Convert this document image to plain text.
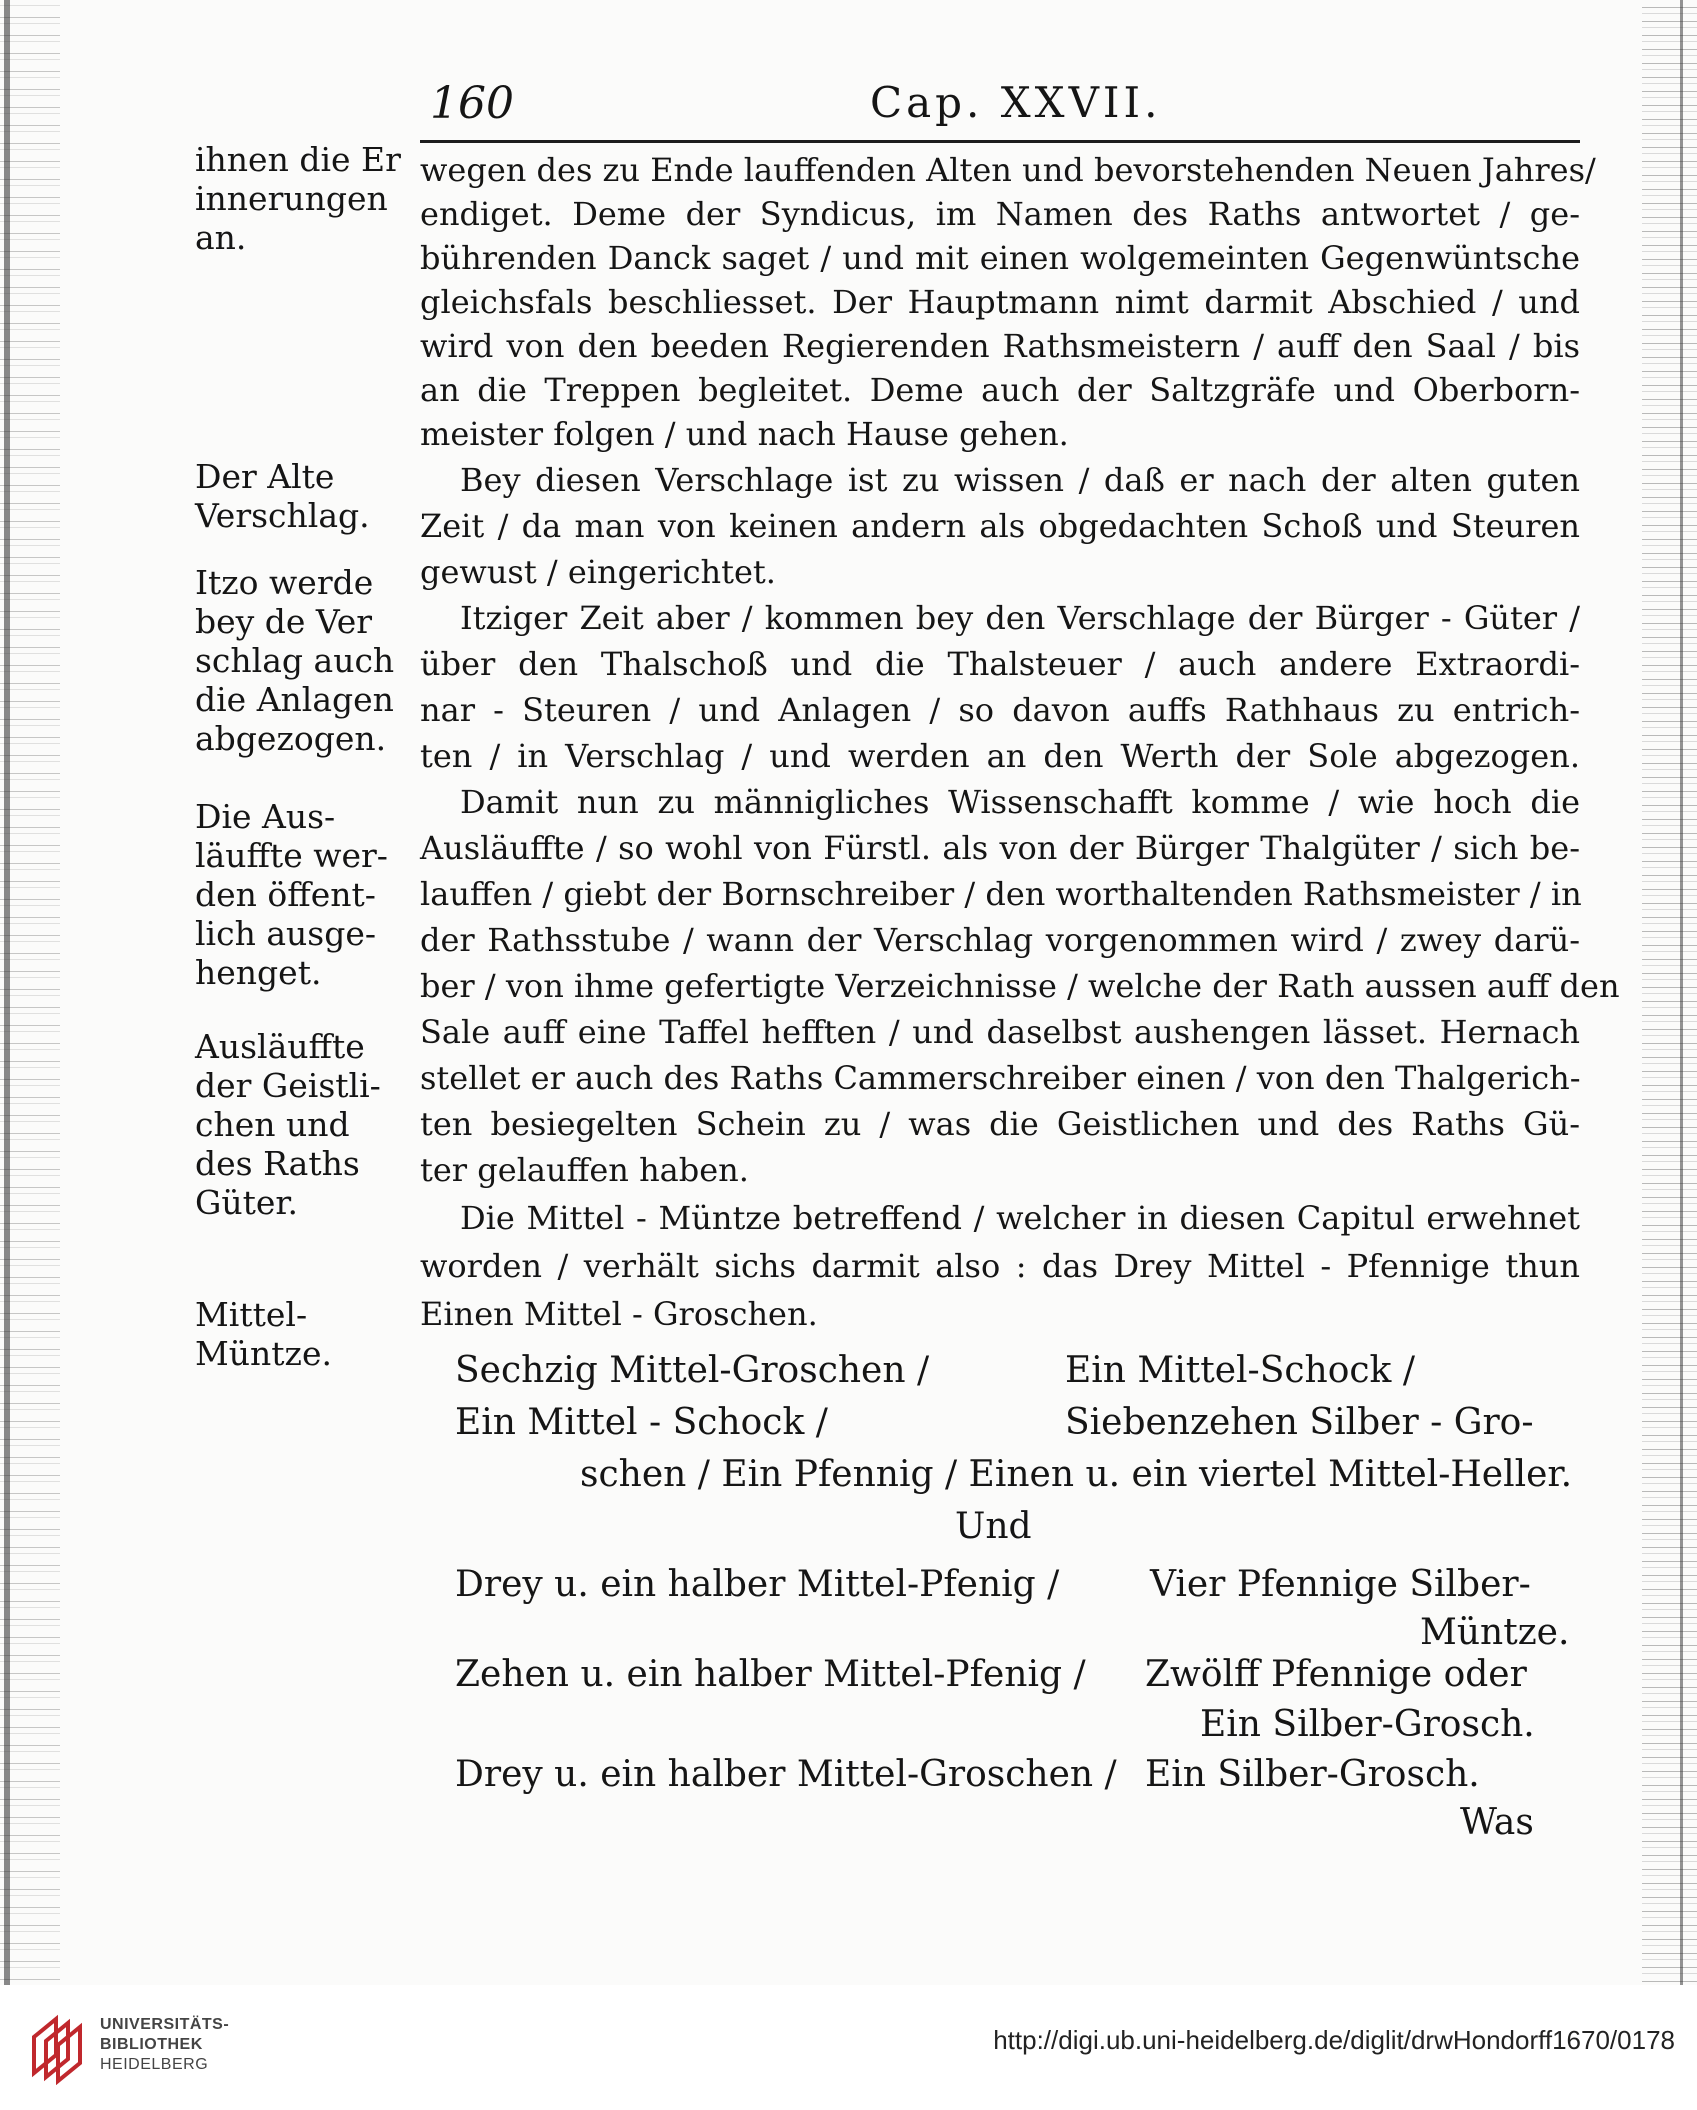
160	Cap. XXVII.
ihnen die Er
innerungen
an.
Der Alte
Verschlag.
Itzo werde
bey de Ver
schlag auch
die Anlagen
abgezogen.
Die Aus-
läuffte wer-
den öffent-
lich ausge-
henget.
Ausläuffte
der Geistli-
chen und
des Raths
Güter.
Mittel-
Müntze.
wegen des zu Ende lauffenden Alten und bevorstehenden Neuen Jahres/
endiget. Deme der Syndicus, im Namen des Raths antwortet / ge-
bührenden Danck saget / und mit einen wolgemeinten Gegenwüntsche
gleichsfals beschliesset. Der Hauptmann nimt darmit Abschied / und
wird von den beeden Regierenden Rathsmeistern / auff den Saal / bis
an die Treppen begleitet. Deme auch der Saltzgräfe und Oberborn-
meister folgen / und nach Hause gehen.
Bey diesen Verschlage ist zu wissen / daß er nach der alten guten
Zeit / da man von keinen andern als obgedachten Schoß und Steuren
gewust / eingerichtet.
Itziger Zeit aber / kommen bey den Verschlage der Bürger - Güter /
über den Thalschoß und die Thalsteuer / auch andere Extraordi-
nar - Steuren / und Anlagen / so davon auffs Rathhaus zu entrich-
ten / in Verschlag / und werden an den Werth der Sole abgezogen.
Damit nun zu männigliches Wissenschafft komme / wie hoch die
Ausläuffte / so wohl von Fürstl. als von der Bürger Thalgüter / sich be-
lauffen / giebt der Bornschreiber / den worthaltenden Rathsmeister / in
der Rathsstube / wann der Verschlag vorgenommen wird / zwey darü-
ber / von ihme gefertigte Verzeichnisse / welche der Rath aussen auff den
Sale auff eine Taffel hefften / und daselbst aushengen lässet. Hernach
stellet er auch des Raths Cammerschreiber einen / von den Thalgerich-
ten besiegelten Schein zu / was die Geistlichen und des Raths Gü-
ter gelauffen haben.
Die Mittel - Müntze betreffend / welcher in diesen Capitul erwehnet
worden / verhält sichs darmit also : das Drey Mittel - Pfennige thun
Einen Mittel - Groschen.
Sechzig Mittel-Groschen /	Ein Mittel-Schock /
Ein Mittel - Schock /	Siebenzehen Silber - Gro-
schen / Ein Pfennig / Einen u. ein viertel Mittel-Heller.
Und
Drey u. ein halber Mittel-Pfenig /	Vier Pfennige Silber-
Müntze.
Zehen u. ein halber Mittel-Pfenig / Zwölff Pfennige oder
Ein Silber-Grosch.
Drey u. ein halber Mittel-Groschen / Ein Silber-Grosch.
Was
UNIVERSITÄTS-
BIBLIOTHEK
HEIDELBERG
http://digi.ub.uni-heidelberg.de/diglit/drwHondorff1670/0178
